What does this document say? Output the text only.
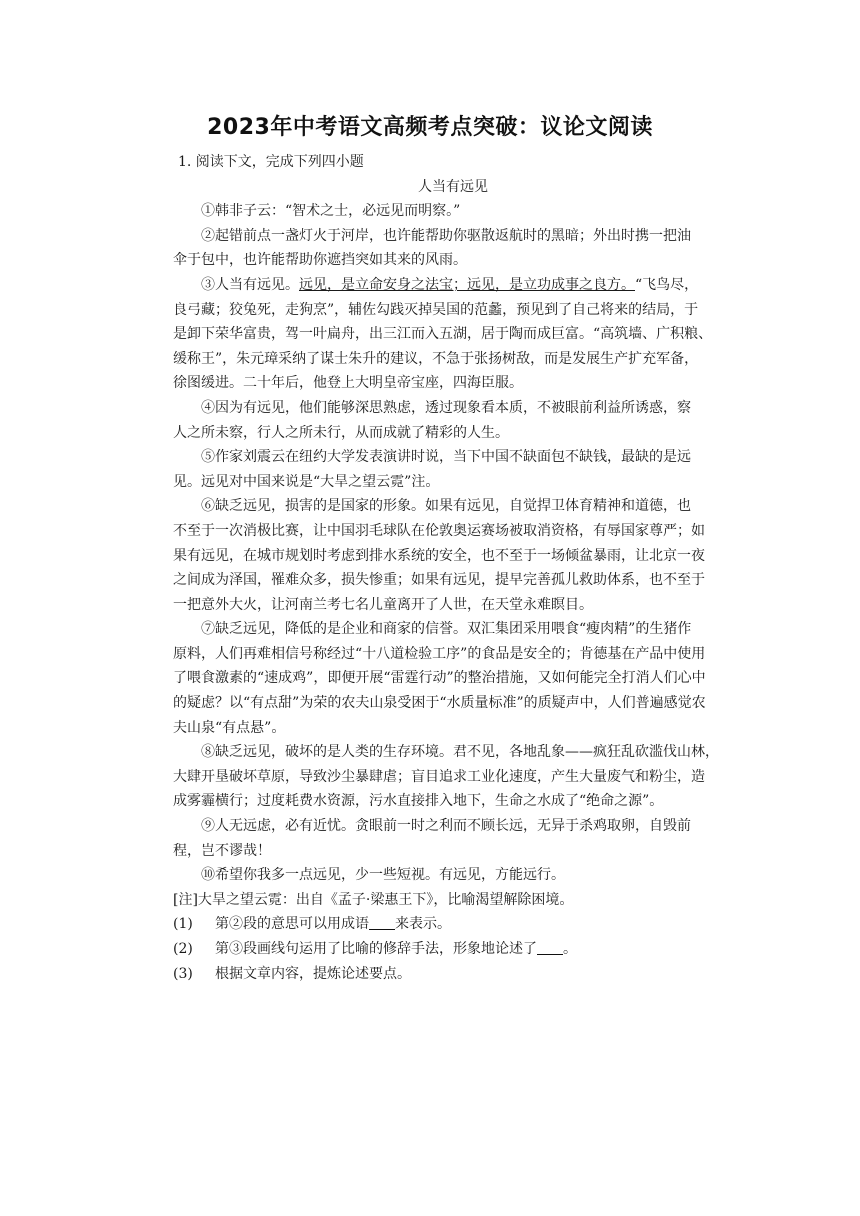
2023年中考语文高频考点突破：议论文阅读
1. 阅读下文，完成下列四小题
人当有远见
①韩非子云：“智术之士，必远见而明察。”
②起错前点一盏灯火于河岸，也许能帮助你驱散返航时的黑暗；外出时携一把油
伞于包中，也许能帮助你遮挡突如其来的风雨。
③人当有远见。远见，是立命安身之法宝；远见，是立功成事之良方。“飞鸟尽，
良弓藏；狡兔死，走狗烹”，辅佐勾践灭掉吴国的范蠡，预见到了自己将来的结局，于
是卸下荣华富贵，驾一叶扁舟，出三江而入五湖，居于陶而成巨富。“高筑墙、广积粮、
缓称王”，朱元璋采纳了谋士朱升的建议，不急于张扬树敌，而是发展生产扩充军备，
徐图缓进。二十年后，他登上大明皇帝宝座，四海臣服。
④因为有远见，他们能够深思熟虑，透过现象看本质，不被眼前利益所诱惑，察
人之所未察，行人之所未行，从而成就了精彩的人生。
⑤作家刘震云在纽约大学发表演讲时说，当下中国不缺面包不缺钱，最缺的是远
见。远见对中国来说是“大旱之望云霓”注。
⑥缺乏远见，损害的是国家的形象。如果有远见，自觉捍卫体育精神和道德，也
不至于一次消极比赛，让中国羽毛球队在伦敦奥运赛场被取消资格，有辱国家尊严；如
果有远见，在城市规划时考虑到排水系统的安全，也不至于一场倾盆暴雨，让北京一夜
之间成为泽国，罹难众多，损失惨重；如果有远见，提早完善孤儿救助体系，也不至于
一把意外大火，让河南兰考七名儿童离开了人世，在天堂永难瞑目。
⑦缺乏远见，降低的是企业和商家的信誉。双汇集团采用喂食“瘦肉精”的生猪作
原料，人们再难相信号称经过“十八道检验工序”的食品是安全的；肯德基在产品中使用
了喂食激素的“速成鸡”，即便开展“雷霆行动”的整治措施，又如何能完全打消人们心中
的疑虑？以“有点甜”为荣的农夫山泉受困于“水质量标准”的质疑声中，人们普遍感觉农
夫山泉“有点悬”。
⑧缺乏远见，破坏的是人类的生存环境。君不见，各地乱象——疯狂乱砍滥伐山林，
大肆开垦破坏草原，导致沙尘暴肆虐；盲目追求工业化速度，产生大量废气和粉尘，造
成雾霾横行；过度耗费水资源，污水直接排入地下，生命之水成了“绝命之源”。
⑨人无远虑，必有近忧。贪眼前一时之利而不顾长远，无异于杀鸡取卵，自毁前
程，岂不谬哉！
⑩希望你我多一点远见，少一些短视。有远见，方能远行。
[注]大旱之望云霓：出自《孟子·梁惠王下》，比喻渴望解除困境。
(1)	第②段的意思可以用成语 来表示。
(2)	第③段画线句运用了比喻的修辞手法，形象地论述了 。
(3)	根据文章内容，提炼论述要点。
